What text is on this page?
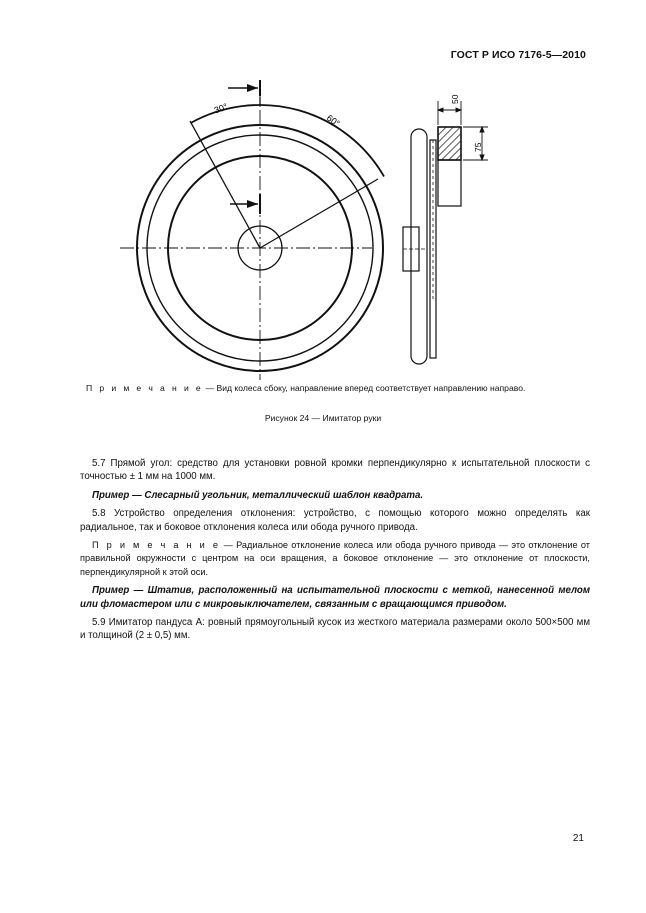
ГОСТ Р ИСО 7176-5—2010
30°
60°
50
75
П р и м е ч а н и е — Вид колеса сбоку, направление вперед соответствует направлению направо.
Рисунок 24 — Имитатор руки

5.7 Прямой угол: средство для установки ровной кромки перпендикулярно к испытательной плоскости с точностью ± 1 мм на 1000 мм.

Пример — Слесарный угольник, металлический шаблон квадрата.

5.8 Устройство определения отклонения: устройство, с помощью которого можно определять как радиальное, так и боковое отклонения колеса или обода ручного привода.

П р и м е ч а н и е — Радиальное отклонение колеса или обода ручного привода — это отклонение от правильной окружности с центром на оси вращения, а боковое отклонение — это отклонение от плоскости, перпендикулярной к этой оси.

Пример — Штатив, расположенный на испытательной плоскости с меткой, нанесенной мелом или фломастером или с микровыключателем, связанным с вращающимся приводом.

5.9 Имитатор пандуса А: ровный прямоугольный кусок из жесткого материала размерами около 500×500 мм и толщиной (2 ± 0,5) мм.

21
